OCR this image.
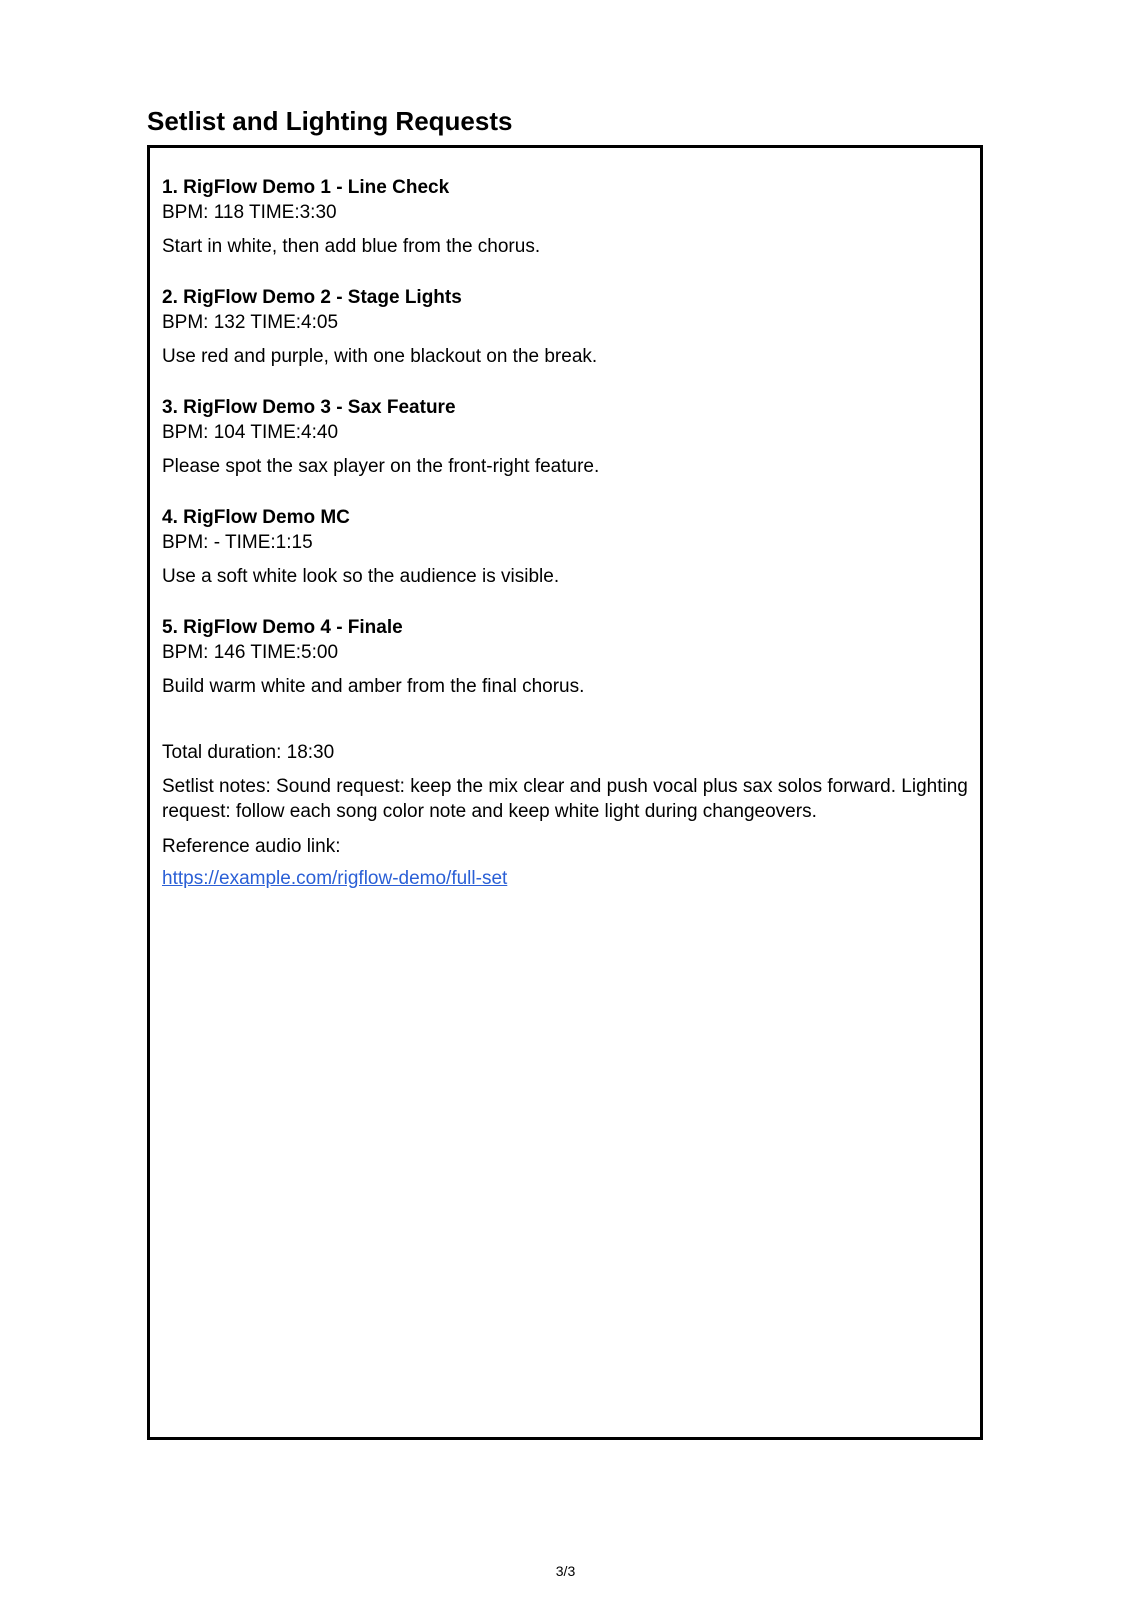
Setlist and Lighting Requests
1. RigFlow Demo 1 - Line Check
BPM: 118 TIME:3:30
Start in white, then add blue from the chorus.
2. RigFlow Demo 2 - Stage Lights
BPM: 132 TIME:4:05
Use red and purple, with one blackout on the break.
3. RigFlow Demo 3 - Sax Feature
BPM: 104 TIME:4:40
Please spot the sax player on the front-right feature.
4. RigFlow Demo MC
BPM: - TIME:1:15
Use a soft white look so the audience is visible.
5. RigFlow Demo 4 - Finale
BPM: 146 TIME:5:00
Build warm white and amber from the final chorus.
Total duration: 18:30
Setlist notes: Sound request: keep the mix clear and push vocal plus sax solos forward. Lighting request: follow each song color note and keep white light during changeovers.
Reference audio link:
https://example.com/rigflow-demo/full-set
3/3
